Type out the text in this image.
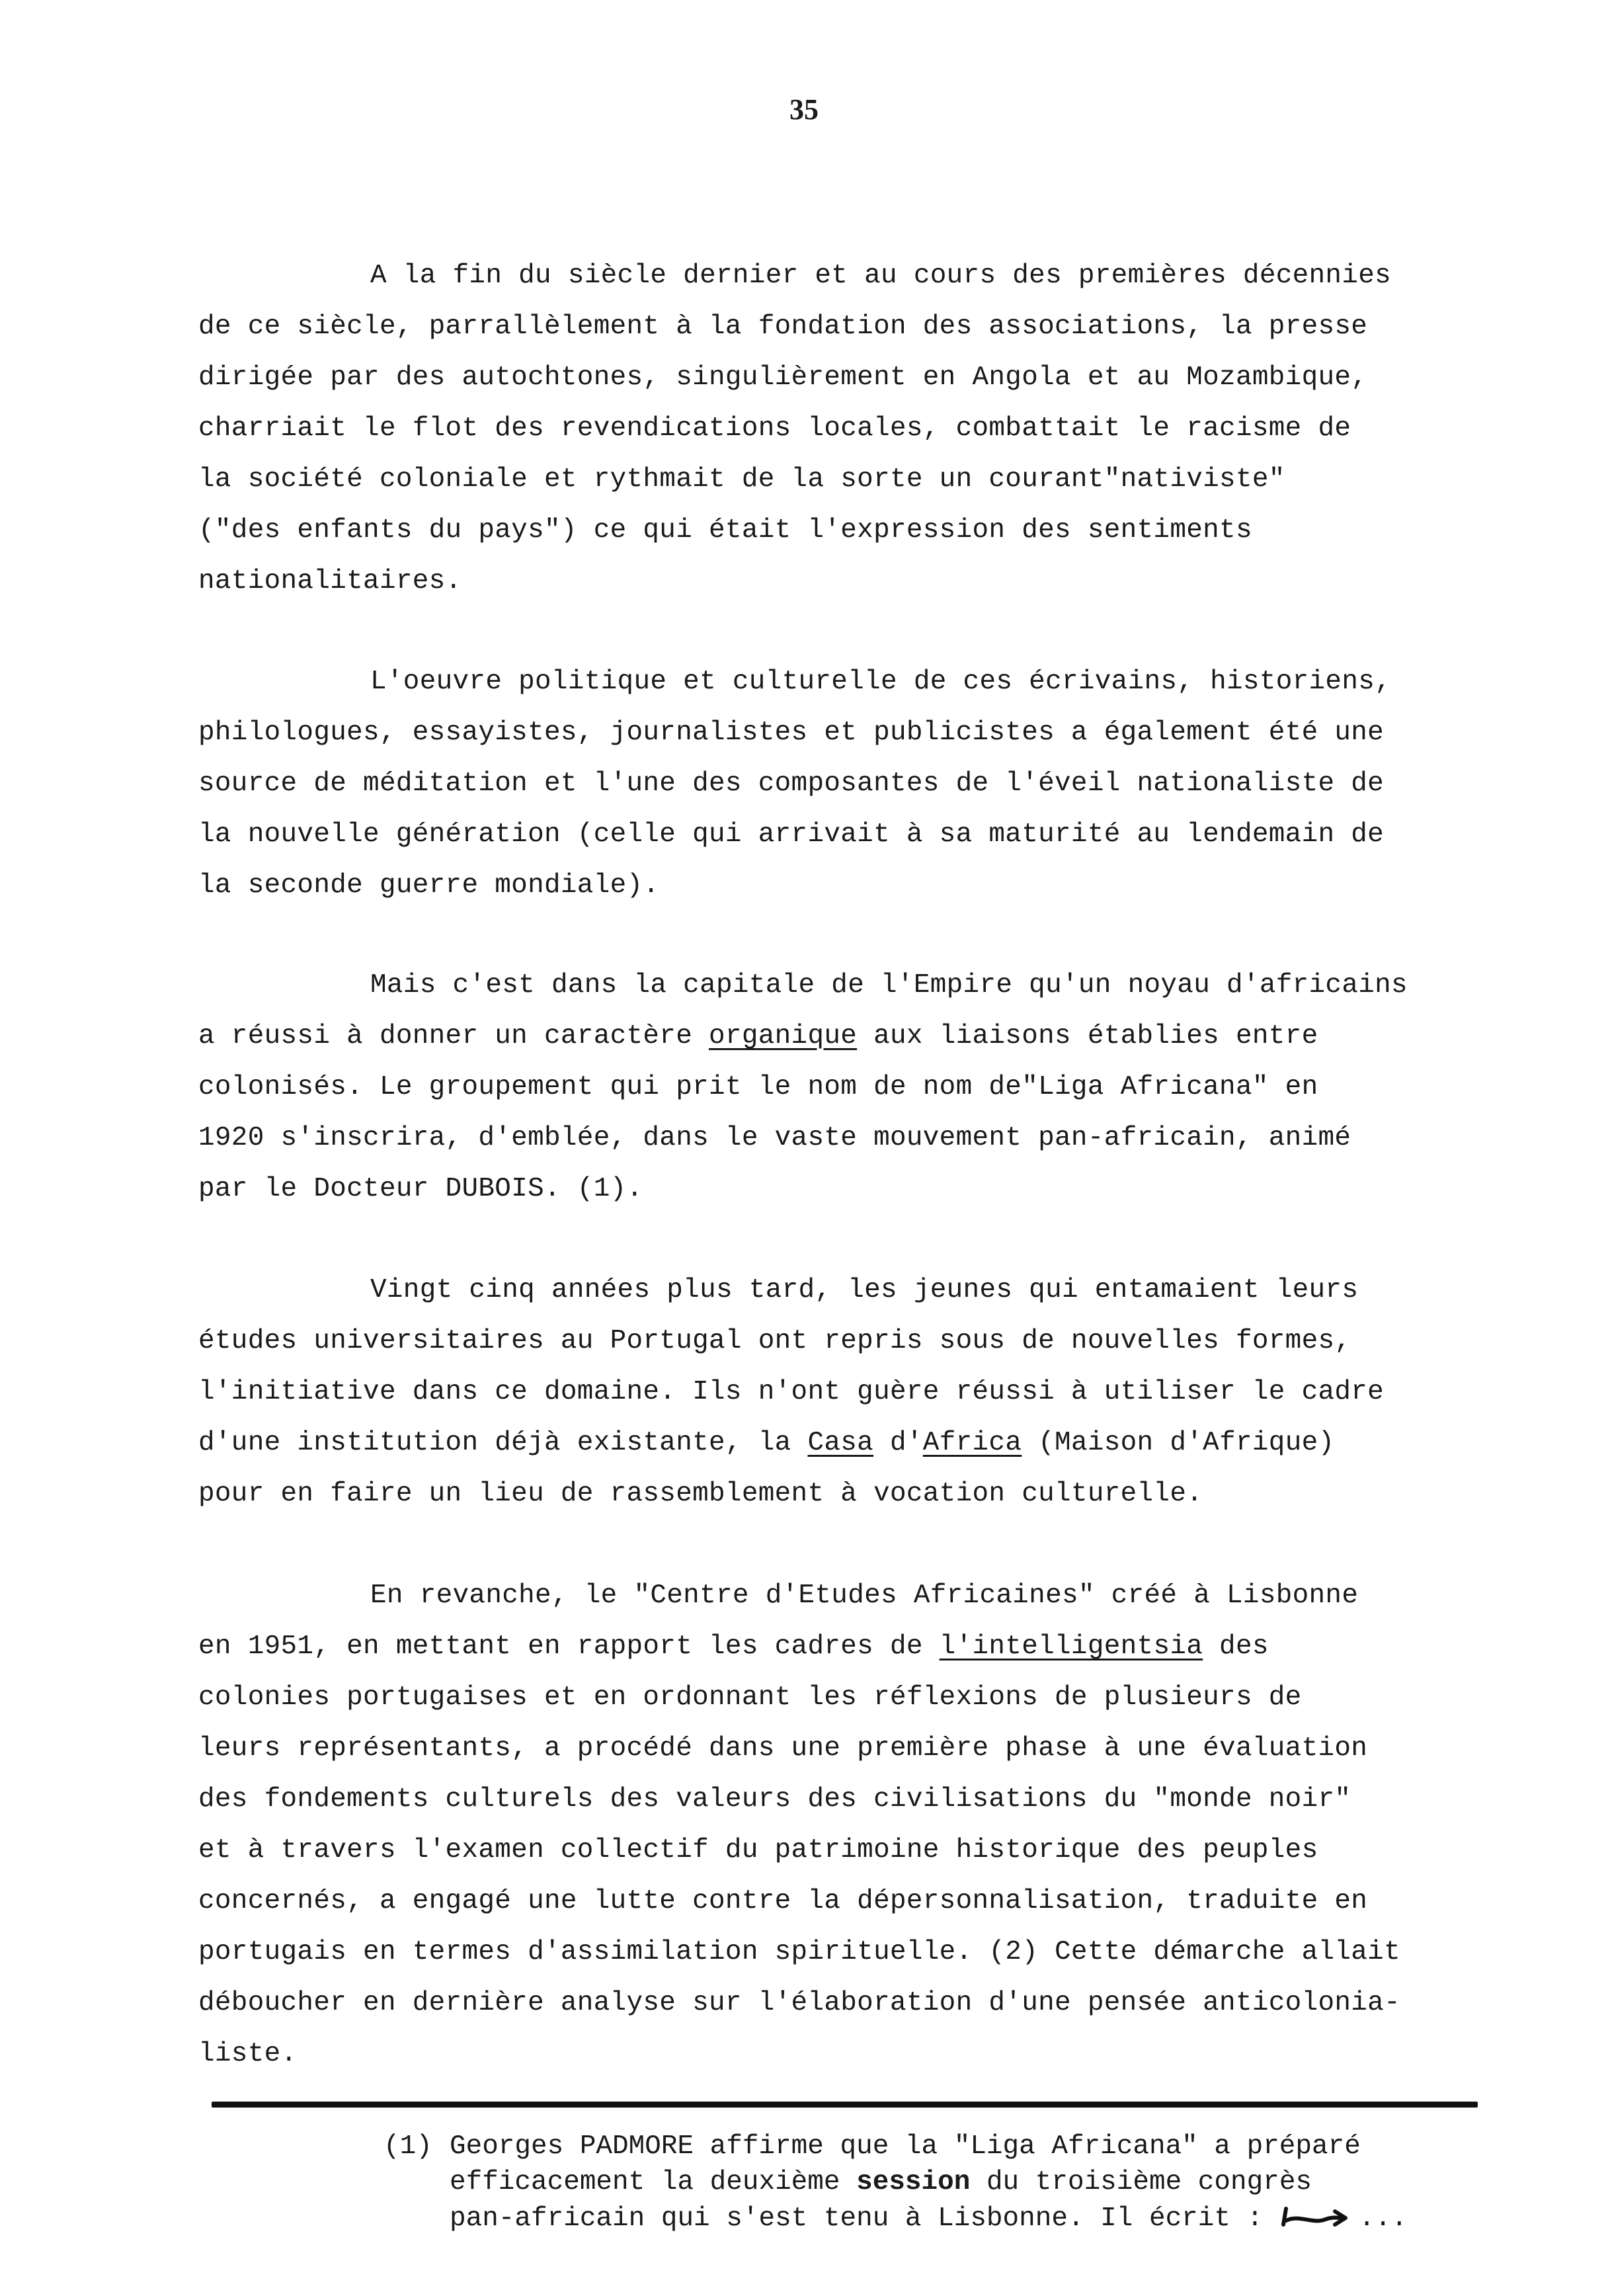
35
A la fin du siècle dernier et au cours des premières décennies
de ce siècle, parrallèlement à la fondation des associations, la presse
dirigée par des autochtones, singulièrement en Angola et au Mozambique,
charriait le flot des revendications locales, combattait le racisme de
la société coloniale et rythmait de la sorte un courant"nativiste"
("des enfants du pays") ce qui était l'expression des sentiments
nationalitaires.
L'oeuvre politique et culturelle de ces écrivains, historiens,
philologues, essayistes, journalistes et publicistes a également été une
source de méditation et l'une des composantes de l'éveil nationaliste de
la nouvelle génération (celle qui arrivait à sa maturité au lendemain de
la seconde guerre mondiale).
Mais c'est dans la capitale de l'Empire qu'un noyau d'africains
a réussi à donner un caractère organique aux liaisons établies entre
colonisés. Le groupement qui prit le nom de nom de"Liga Africana" en
1920 s'inscrira, d'emblée, dans le vaste mouvement pan-africain, animé
par le Docteur DUBOIS. (1).
Vingt cinq années plus tard, les jeunes qui entamaient leurs
études universitaires au Portugal ont repris sous de nouvelles formes,
l'initiative dans ce domaine. Ils n'ont guère réussi à utiliser le cadre
d'une institution déjà existante, la Casa d'Africa (Maison d'Afrique)
pour en faire un lieu de rassemblement à vocation culturelle.
En revanche, le "Centre d'Etudes Africaines" créé à Lisbonne
en 1951, en mettant en rapport les cadres de l'intelligentsia des
colonies portugaises et en ordonnant les réflexions de plusieurs de
leurs représentants, a procédé dans une première phase à une évaluation
des fondements culturels des valeurs des civilisations du "monde noir"
et à travers l'examen collectif du patrimoine historique des peuples
concernés, a engagé une lutte contre la dépersonnalisation, traduite en
portugais en termes d'assimilation spirituelle. (2) Cette démarche allait
déboucher en dernière analyse sur l'élaboration d'une pensée anticolonia-
liste.
(1) Georges PADMORE affirme que la "Liga Africana" a préparé
efficacement la deuxième session du troisième congrès
pan-africain qui s'est tenu à Lisbonne. Il écrit :	...
